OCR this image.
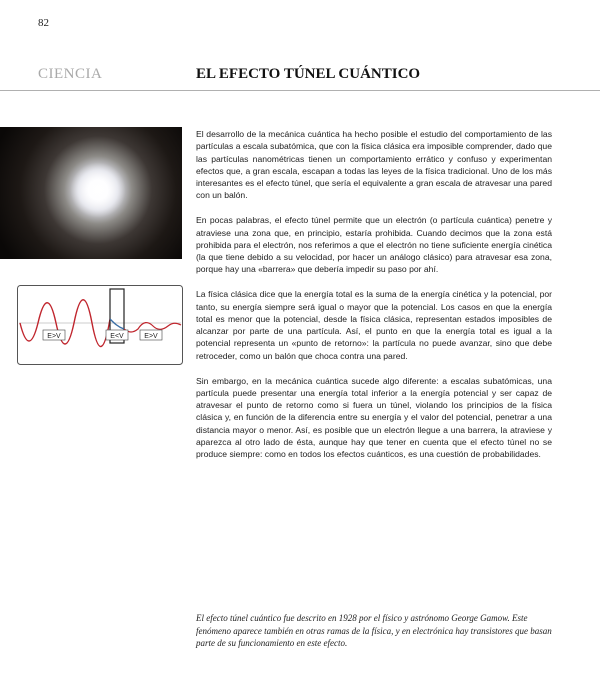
82
CIENCIA	EL EFECTO TÚNEL CUÁNTICO
E>V	E<V	E>V

El desarrollo de la mecánica cuántica ha hecho posible el estudio del comportamiento de las partículas a escala subatómica, que con la física clásica era imposible comprender, dado que las partículas nanométricas tienen un comportamiento errático y confuso y experimentan efectos que, a gran escala, escapan a todas las leyes de la física tradicional. Uno de los más interesantes es el efecto túnel, que sería el equivalente a gran escala de atravesar una pared con un balón.

En pocas palabras, el efecto túnel permite que un electrón (o partícula cuántica) penetre y atraviese una zona que, en principio, estaría prohibida. Cuando decimos que la zona está prohibida para el electrón, nos referimos a que el electrón no tiene suficiente energía cinética (la que tiene debido a su velocidad, por hacer un análogo clásico) para atravesar esa zona, porque hay una «barrera» que debería impedir su paso por ahí.

La física clásica dice que la energía total es la suma de la energía cinética y la potencial, por tanto, su energía siempre será igual o mayor que la potencial. Los casos en que la energía total es menor que la potencial, desde la física clásica, representan estados imposibles de alcanzar por parte de una partícula. Así, el punto en que la energía total es igual a la potencial representa un «punto de retorno»: la partícula no puede avanzar, sino que debe retroceder, como un balón que choca contra una pared.

Sin embargo, en la mecánica cuántica sucede algo diferente: a escalas subatómicas, una partícula puede presentar una energía total inferior a la energía potencial y ser capaz de atravesar el punto de retorno como si fuera un túnel, violando los principios de la física clásica y, en función de la diferencia entre su energía y el valor del potencial, penetrar a una distancia mayor o menor. Así, es posible que un electrón llegue a una barrera, la atraviese y aparezca al otro lado de ésta, aunque hay que tener en cuenta que el efecto túnel no se produce siempre: como en todos los efectos cuánticos, es una cuestión de probabilidades.

El efecto túnel cuántico fue descrito en 1928 por el físico y astrónomo George Gamow. Este fenómeno aparece también en otras ramas de la física, y en electrónica hay transistores que basan parte de su funcionamiento en este efecto.
